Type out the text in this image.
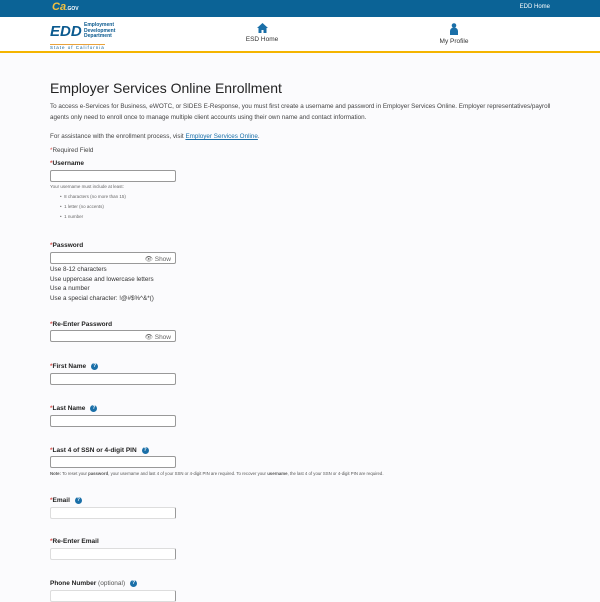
Ca.GOV	EDD Home
EDD Employment
Development
Department
State of California
ESD Home	My Profile
Employer Services Online Enrollment

To access e-Services for Business, eWOTC, or SIDES E-Response, you must first create a username and password in Employer Services Online. Employer representatives/payroll agents only need to enroll once to manage multiple client accounts using their own name and contact information.

For assistance with the enrollment process, visit Employer Services Online.

*Required Field

*Username
Your username must include at least:
•  8 characters (no more than 15)
•  1 letter (no accents)
•  1 number
*Password
👁 Show
Use 8-12 characters
Use uppercase and lowercase letters
Use a number
Use a special character: !@#$%^&*()
*Re-Enter Password
👁 Show
*First Name ?
*Last Name ?
*Last 4 of SSN or 4-digit PIN ?
Note: To reset your password, your username and last 4 of your SSN or 4-digit PIN are required. To recover your username, the last 4 of your SSN or 4-digit PIN are required.
*Email ?
*Re-Enter Email
Phone Number (optional) ?
